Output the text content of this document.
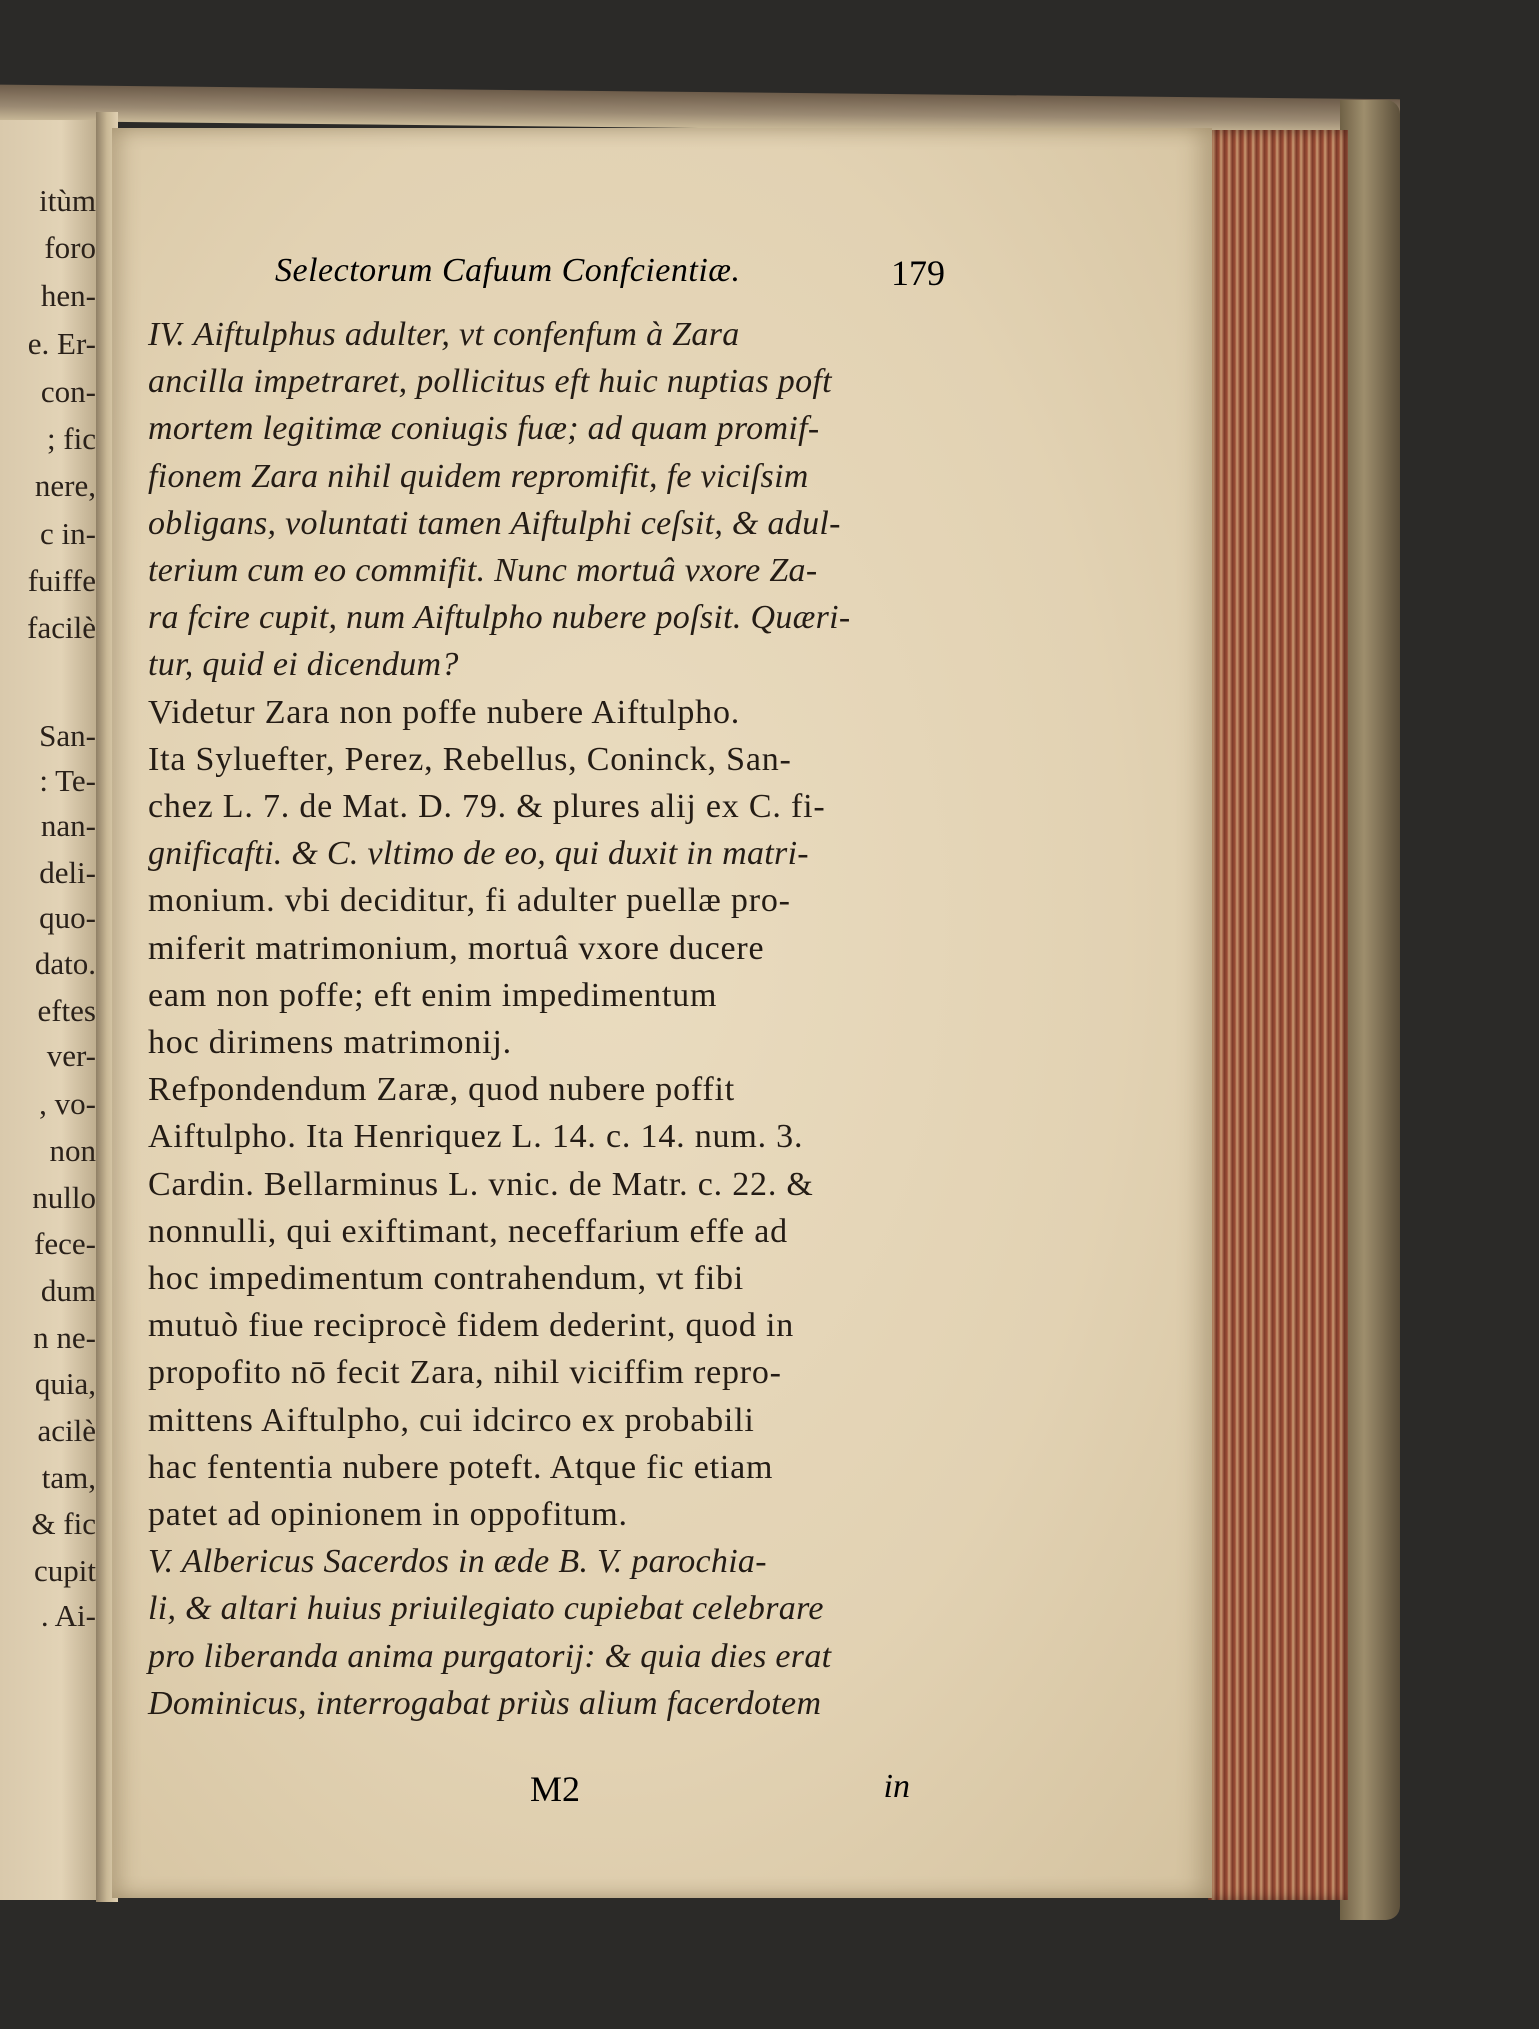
itùm
foro
hen-
e. Er-
con-
; fic
nere,
c in-
fuiffe
facilè
San-
: Te-
nan-
deli-
quo-
dato.
eftes
ver-
, vo-
non
nullo
fece-
dum
n ne-
quia,
acilè
tam,
& fic
cupit
. Ai-
Selectorum Cafuum Confcientiæ.	179
IV. Aiftulphus adulter, vt confenfum à Zara
ancilla impetraret, pollicitus eft huic nuptias poft
mortem legitimæ coniugis fuæ; ad quam promif-
fionem Zara nihil quidem repromifit, fe viciſsim
obligans, voluntati tamen Aiftulphi ceſsit, & adul-
terium cum eo commifit. Nunc mortuâ vxore Za-
ra fcire cupit, num Aiftulpho nubere poſsit. Quæri-
tur, quid ei dicendum?
Videtur Zara non poffe nubere Aiftulpho.
Ita Syluefter, Perez, Rebellus, Coninck, San-
chez L. 7. de Mat. D. 79. & plures alij ex C. fi-
gnificafti. & C. vltimo de eo, qui duxit in matri-
monium. vbi deciditur, fi adulter puellæ pro-
miferit matrimonium, mortuâ vxore ducere
eam non poffe; eft enim impedimentum
hoc dirimens matrimonij.
Refpondendum Zaræ, quod nubere poffit
Aiftulpho. Ita Henriquez L. 14. c. 14. num. 3.
Cardin. Bellarminus L. vnic. de Matr. c. 22. &
nonnulli, qui exiftimant, neceffarium effe ad
hoc impedimentum contrahendum, vt fibi
mutuò fiue reciprocè fidem dederint, quod in
propofito nō fecit Zara, nihil viciffim repro-
mittens Aiftulpho, cui idcirco ex probabili
hac fententia nubere poteft. Atque fic etiam
patet ad opinionem in oppofitum.
V. Albericus Sacerdos in æde B. V. parochia-
li, & altari huius priuilegiato cupiebat celebrare
pro liberanda anima purgatorij: & quia dies erat
Dominicus, interrogabat priùs alium facerdotem
M2	in
